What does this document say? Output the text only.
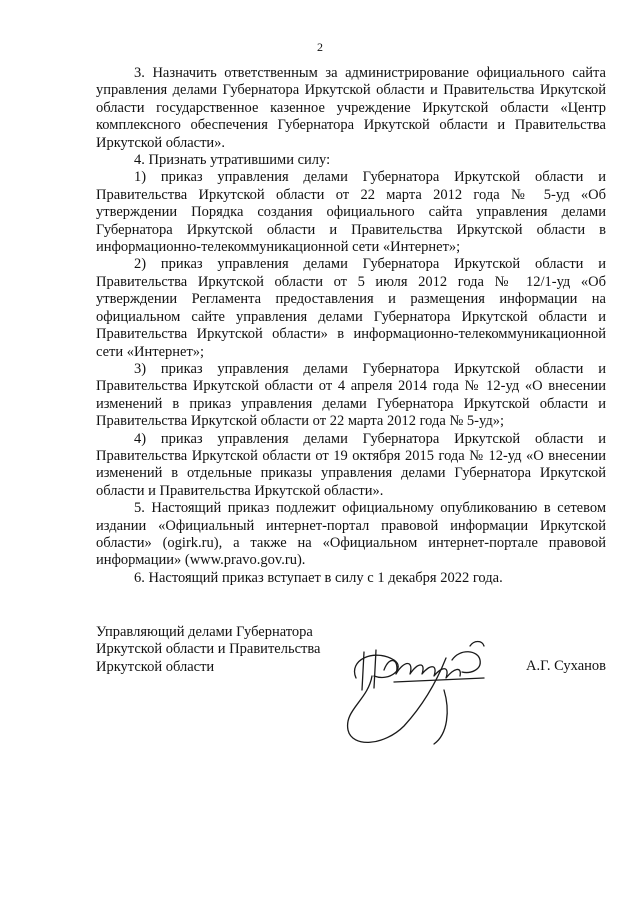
2

3. Назначить ответственным за администрирование официального сайта управления делами Губернатора Иркутской области и Правительства Иркутской области государственное казенное учреждение Иркутской области «Центр комплексного обеспечения Губернатора Иркутской области и Правительства Иркутской области».

4. Признать утратившими силу:

1) приказ управления делами Губернатора Иркутской области и Правительства Иркутской области от 22 марта 2012 года № 5-уд «Об утверждении Порядка создания официального сайта управления делами Губернатора Иркутской области и Правительства Иркутской области в информационно-телекоммуникационной сети «Интернет»;

2) приказ управления делами Губернатора Иркутской области и Правительства Иркутской области от 5 июля 2012 года № 12/1-уд «Об утверждении Регламента предоставления и размещения информации на официальном сайте управления делами Губернатора Иркутской области и Правительства Иркутской области» в информационно-телекоммуникационной сети «Интернет»;

3) приказ управления делами Губернатора Иркутской области и Правительства Иркутской области от 4 апреля 2014 года № 12-уд «О внесении изменений в приказ управления делами Губернатора Иркутской области и Правительства Иркутской области от 22 марта 2012 года № 5-уд»;

4) приказ управления делами Губернатора Иркутской области и Правительства Иркутской области от 19 октября 2015 года № 12-уд «О внесении изменений в отдельные приказы управления делами Губернатора Иркутской области и Правительства Иркутской области».

5. Настоящий приказ подлежит официальному опубликованию в сетевом издании «Официальный интернет-портал правовой информации Иркутской области» (ogirk.ru), а также на «Официальном интернет-портале правовой информации» (www.pravo.gov.ru).

6. Настоящий приказ вступает в силу с 1 декабря 2022 года.

Управляющий делами Губернатора
Иркутской области и Правительства
Иркутской области	А.Г. Суханов
